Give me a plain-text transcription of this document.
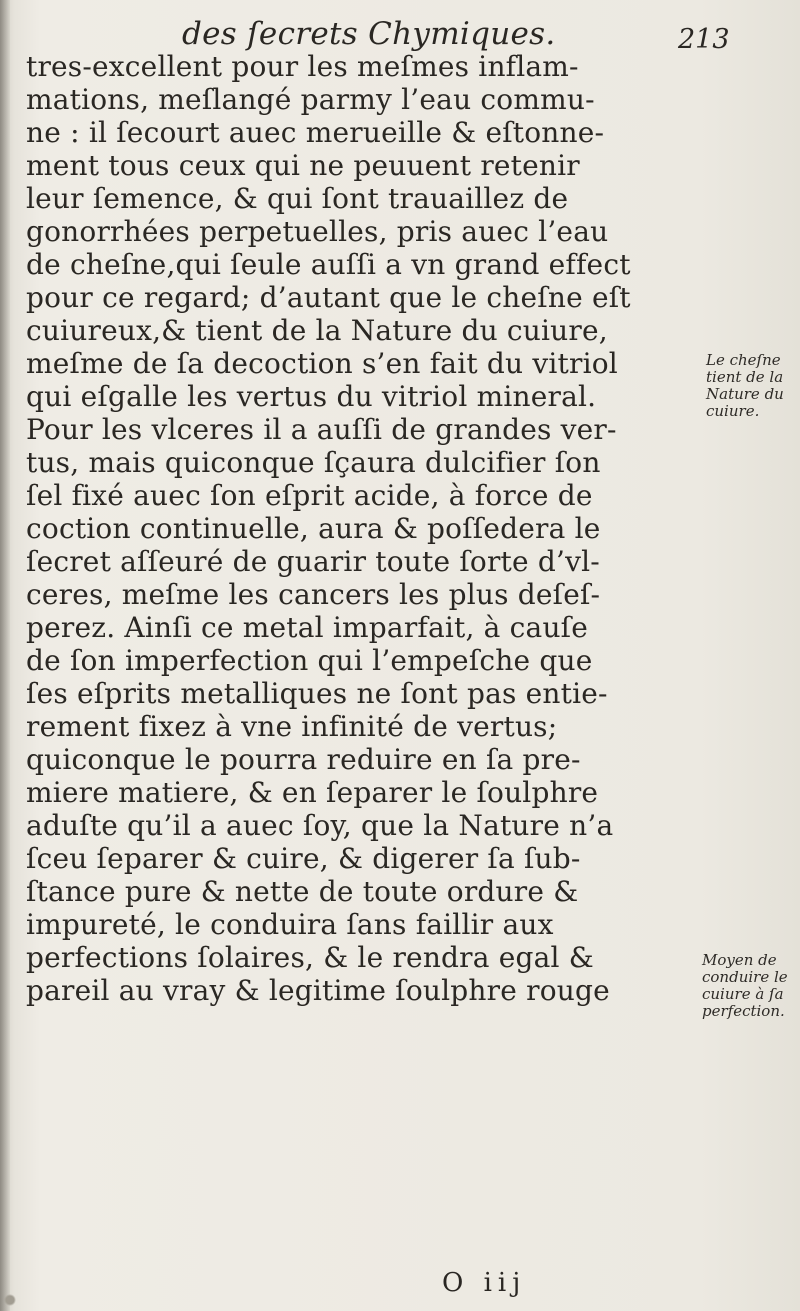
des ſecrets Chymiques.	213
tres-excellent pour les meſmes inflam-
mations, meſlangé parmy l’eau commu-
ne : il ſecourt auec merueille & eſtonne-
ment tous ceux qui ne peuuent retenir
leur ſemence, & qui ſont trauaillez de
gonorrhées perpetuelles, pris auec l’eau
de cheſne,qui ſeule auſſi a vn grand effect
pour ce regard; d’autant que le cheſne eſt
cuiureux,& tient de la Nature du cuiure,
meſme de ſa decoction s’en fait du vitriol
qui eſgalle les vertus du vitriol mineral.
Pour les vlceres il a auſſi de grandes ver-
tus, mais quiconque ſçaura dulcifier ſon
ſel fixé auec ſon eſprit acide, à force de
coction continuelle, aura & poſſedera le
ſecret aſſeuré de guarir toute ſorte d’vl-
ceres, meſme les cancers les plus deſeſ-
perez. Ainſi ce metal imparfait, à cauſe
de ſon imperfection qui l’empeſche que
ſes eſprits metalliques ne ſont pas entie-
rement fixez à vne infinité de vertus;
quiconque le pourra reduire en ſa pre-
miere matiere, & en ſeparer le ſoulphre
aduſte qu’il a auec ſoy, que la Nature n’a
ſceu ſeparer & cuire, & digerer ſa ſub-
ſtance pure & nette de toute ordure &
impureté, le conduira ſans faillir aux
perfections ſolaires, & le rendra egal &
pareil au vray & legitime ſoulphre rouge
Le cheſne
tient de la
Nature du
cuiure.
Moyen de
conduire le
cuiure à ſa
perfection.
O iij
